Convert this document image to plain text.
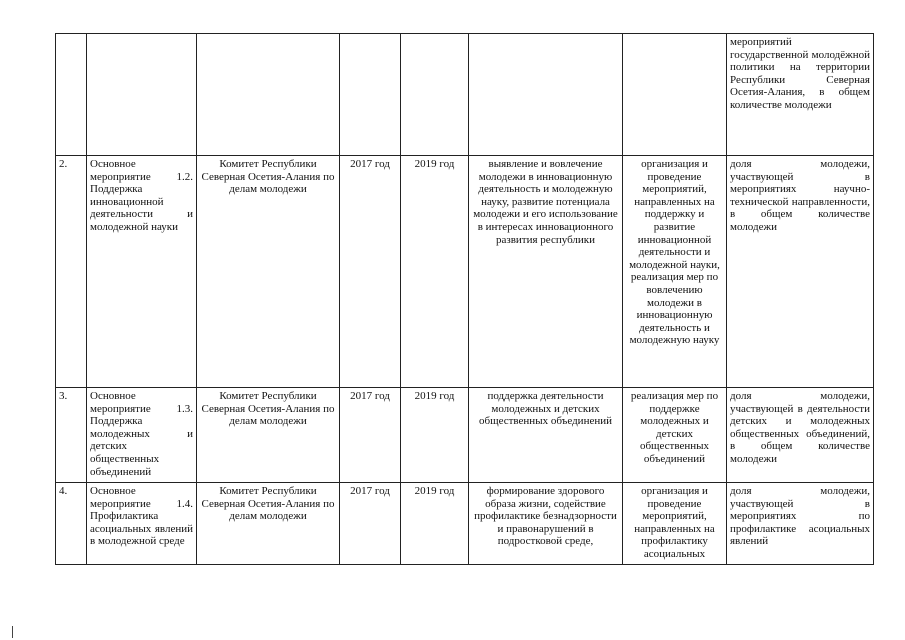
							мероприятий государственной молодёжной политики на территории Республики Северная Осетия-Алания, в общем количестве молодежи
2.	Основное мероприятие 1.2. Поддержка инновационной деятельности и молодежной науки	Комитет Республики Северная Осетия-Алания по делам молодежи	2017 год	2019 год	выявление и вовлечение молодежи в инновационную деятельность и молодежную науку, развитие потенциала молодежи и его использование в интересах инновационного развития республики	организация и проведение мероприятий, направленных на поддержку и развитие инновационной деятельности и молодежной науки, реализация мер по вовлечению молодежи в инновационную деятельность и молодежную науку	доля молодежи, участвующей в мероприятиях научно-технической направленности, в общем количестве молодежи
3.	Основное мероприятие 1.3. Поддержка молодежных и детских общественных объединений	Комитет Республики Северная Осетия-Алания по делам молодежи	2017 год	2019 год	поддержка деятельности молодежных и детских общественных объединений	реализация мер по поддержке молодежных и детских общественных объединений	доля молодежи, участвующей в деятельности детских и молодежных общественных объединений, в общем количестве молодежи
4.	Основное мероприятие 1.4. Профилактика асоциальных явлений в молодежной среде	Комитет Республики Северная Осетия-Алания по делам молодежи	2017 год	2019 год	формирование здорового образа жизни, содействие профилактике безнадзорности и правонарушений в подростковой среде,	организация и проведение мероприятий, направленных на профилактику асоциальных	доля молодежи, участвующей в мероприятиях по профилактике асоциальных явлений
